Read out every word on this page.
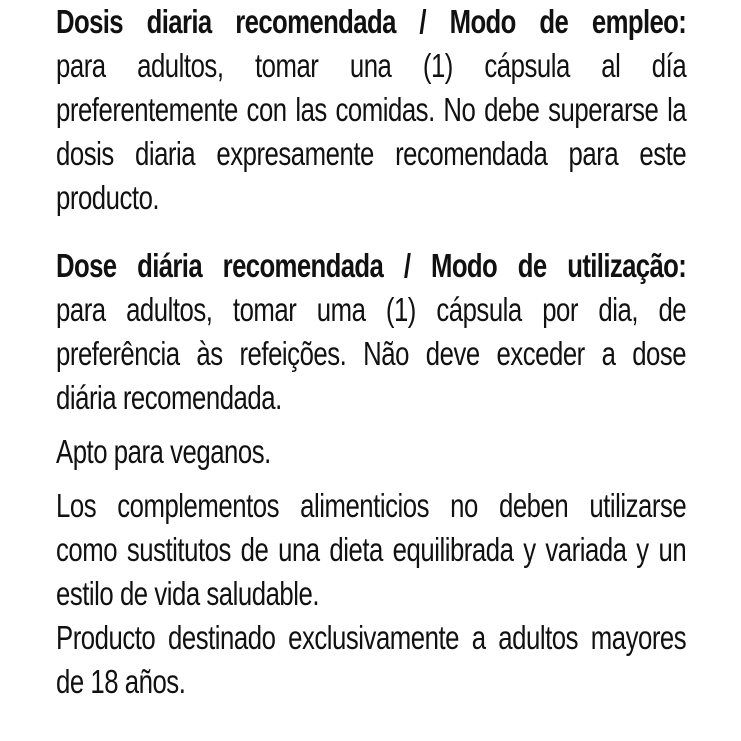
Dosis diaria recomendada / Modo de empleo:
para adultos, tomar una (1) cápsula al día
preferentemente con las comidas. No debe superarse la
dosis diaria expresamente recomendada para este
producto.
Dose diária recomendada / Modo de utilização:
para adultos, tomar uma (1) cápsula por dia, de
preferência às refeições. Não deve exceder a dose
diária recomendada.
Apto para veganos.
Los complementos alimenticios no deben utilizarse
como sustitutos de una dieta equilibrada y variada y un
estilo de vida saludable.
Producto destinado exclusivamente a adultos mayores
de 18 años.
